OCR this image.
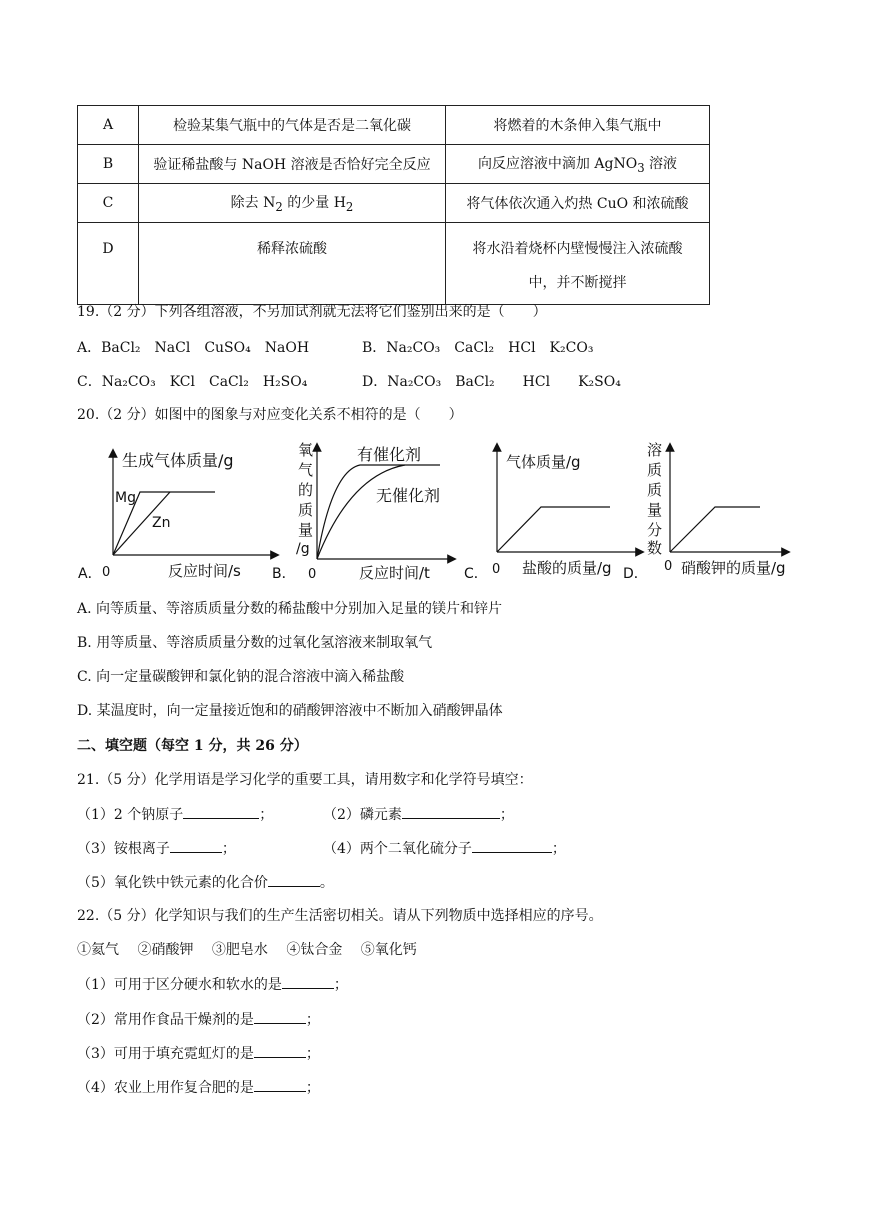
A	检验某集气瓶中的气体是否是二氧化碳	将燃着的木条伸入集气瓶中
B	验证稀盐酸与 NaOH 溶液是否恰好完全反应	向反应溶液中滴加 AgNO$_3$ 溶液
C	除去 $N_2$ 的少量 $H_2$	将气体依次通入灼热 CuO 和浓硫酸
D	稀释浓硫酸	将水沿着烧杯内壁慢慢注入浓硫酸
中，并不断搅拌
19.（2 分）下列各组溶液，不另加试剂就无法将它们鉴别出来的是（　　）
A．BaCl₂　NaCl　CuSO₄　NaOH	B．Na₂CO₃　CaCl₂　HCl　K₂CO₃
C．Na₂CO₃　KCl　CaCl₂　H₂SO₄	D．Na₂CO₃　BaCl₂　　HCl　　K₂SO₄
20.（2 分）如图中的图象与对应变化关系不相符的是（　　）
A．
生成气体质量/g
反应时间/s
0
Mg
Zn
B．
氧
气
的
质
量
/g
0	反应时间/t
有催化剂
无催化剂
C．
气体质量/g
0 盐酸的质量/g D．
溶
质
质
量
分
数
0 硝酸钾的质量/g
A. 向等质量、等溶质质量分数的稀盐酸中分别加入足量的镁片和锌片
B. 用等质量、等溶质质量分数的过氧化氢溶液来制取氧气
C. 向一定量碳酸钾和氯化钠的混合溶液中滴入稀盐酸
D. 某温度时，向一定量接近饱和的硝酸钾溶液中不断加入硝酸钾晶体
二、填空题（每空 1 分，共 26 分）
21.（5 分）化学用语是学习化学的重要工具，请用数字和化学符号填空：
（1）2 个钠原子	；	（2）磷元素	；
（3）铵根离子	；	（4）两个二氧化硫分子	；
（5）氧化铁中铁元素的化合价	。
22.（5 分）化学知识与我们的生产生活密切相关。请从下列物质中选择相应的序号。
①氦气　 ②硝酸钾　 ③肥皂水　 ④钛合金　 ⑤氧化钙
（1）可用于区分硬水和软水的是	；
（2）常用作食品干燥剂的是	；
（3）可用于填充霓虹灯的是	；
（4）农业上用作复合肥的是	；
